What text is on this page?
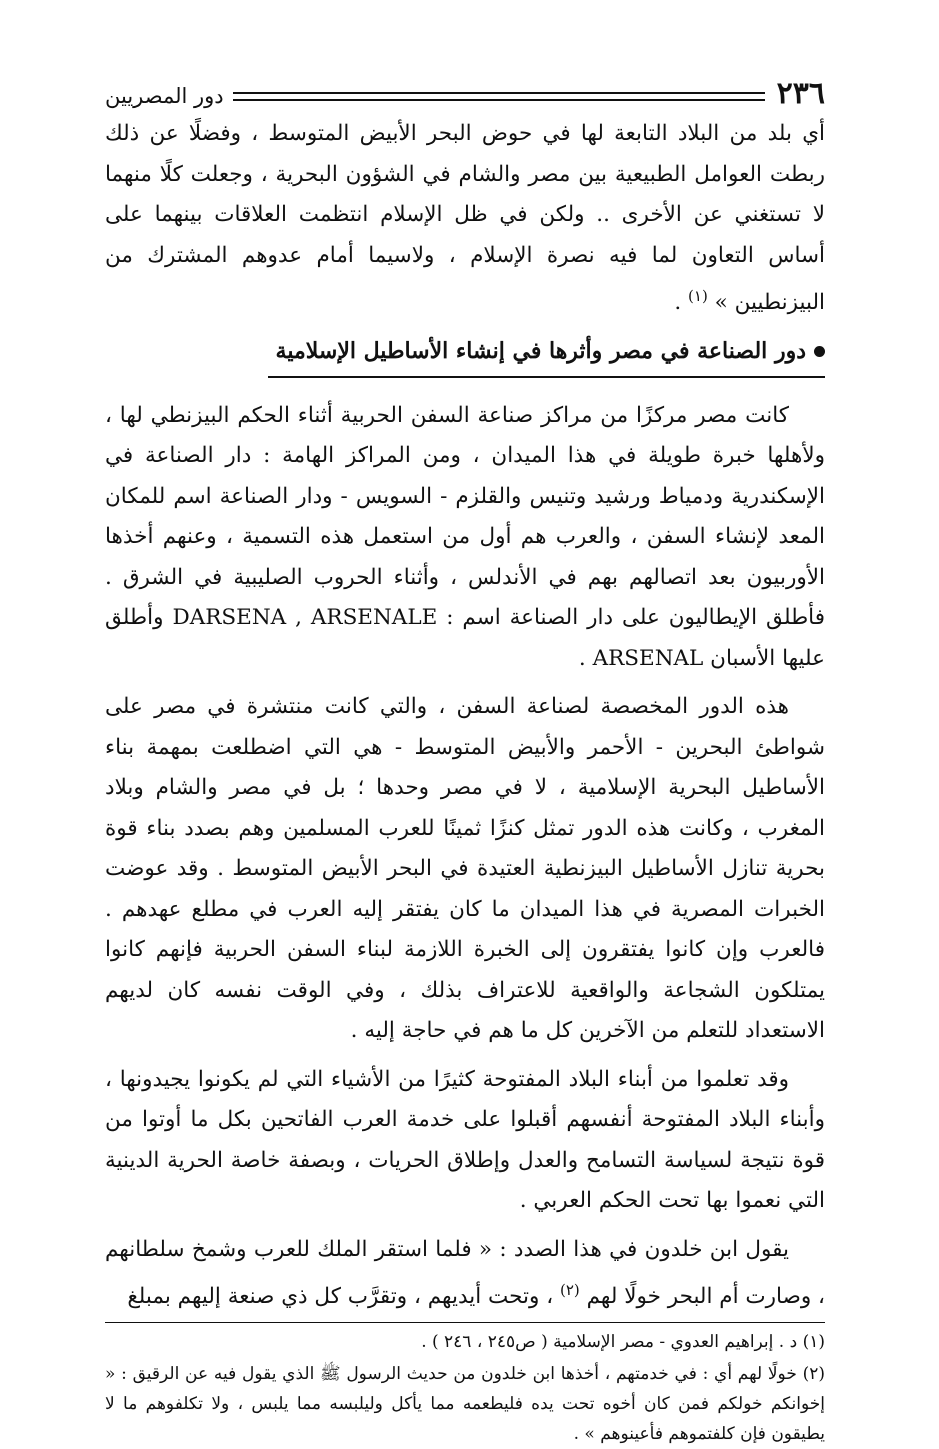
٢٣٦
دور المصريين

أي بلد من البلاد التابعة لها في حوض البحر الأبيض المتوسط ، وفضلًا عن ذلك ربطت العوامل الطبيعية بين مصر والشام في الشؤون البحرية ، وجعلت كلًا منهما لا تستغني عن الأخرى .. ولكن في ظل الإسلام انتظمت العلاقات بينهما على أساس التعاون لما فيه نصرة الإسلام ، ولاسيما أمام عدوهم المشترك من البيزنطيين » $^{(١)}$ .

دور الصناعة في مصر وأثرها في إنشاء الأساطيل الإسلامية

كانت مصر مركزًا من مراكز صناعة السفن الحربية أثناء الحكم البيزنطي لها ، ولأهلها خبرة طويلة في هذا الميدان ، ومن المراكز الهامة : دار الصناعة في الإسكندرية ودمياط ورشيد وتنيس والقلزم - السويس - ودار الصناعة اسم للمكان المعد لإنشاء السفن ، والعرب هم أول من استعمل هذه التسمية ، وعنهم أخذها الأوربيون بعد اتصالهم بهم في الأندلس ، وأثناء الحروب الصليبية في الشرق . فأطلق الإيطاليون على دار الصناعة اسم : DARSENA , ARSENALE وأطلق عليها الأسبان ARSENAL .

هذه الدور المخصصة لصناعة السفن ، والتي كانت منتشرة في مصر على شواطئ البحرين - الأحمر والأبيض المتوسط - هي التي اضطلعت بمهمة بناء الأساطيل البحرية الإسلامية ، لا في مصر وحدها ؛ بل في مصر والشام وبلاد المغرب ، وكانت هذه الدور تمثل كنزًا ثمينًا للعرب المسلمين وهم بصدد بناء قوة بحرية تنازل الأساطيل البيزنطية العتيدة في البحر الأبيض المتوسط . وقد عوضت الخبرات المصرية في هذا الميدان ما كان يفتقر إليه العرب في مطلع عهدهم . فالعرب وإن كانوا يفتقرون إلى الخبرة اللازمة لبناء السفن الحربية فإنهم كانوا يمتلكون الشجاعة والواقعية للاعتراف بذلك ، وفي الوقت نفسه كان لديهم الاستعداد للتعلم من الآخرين كل ما هم في حاجة إليه .

وقد تعلموا من أبناء البلاد المفتوحة كثيرًا من الأشياء التي لم يكونوا يجيدونها ، وأبناء البلاد المفتوحة أنفسهم أقبلوا على خدمة العرب الفاتحين بكل ما أوتوا من قوة نتيجة لسياسة التسامح والعدل وإطلاق الحريات ، وبصفة خاصة الحرية الدينية التي نعموا بها تحت الحكم العربي .

يقول ابن خلدون في هذا الصدد : « فلما استقر الملك للعرب وشمخ سلطانهم ، وصارت أم البحر خولًا لهم $^{(٢)}$ ، وتحت أيديهم ، وتقرَّب كل ذي صنعة إليهم بمبلغ

(١) د . إبراهيم العدوي - مصر الإسلامية ( ص٢٤٥ ، ٢٤٦ ) .

(٢) خولًا لهم أي : في خدمتهم ، أخذها ابن خلدون من حديث الرسول ﷺ الذي يقول فيه عن الرقيق : « إخوانكم خولكم فمن كان أخوه تحت يده فليطعمه مما يأكل وليلبسه مما يلبس ، ولا تكلفوهم ما لا يطيقون فإن كلفتموهم فأعينوهم » .
